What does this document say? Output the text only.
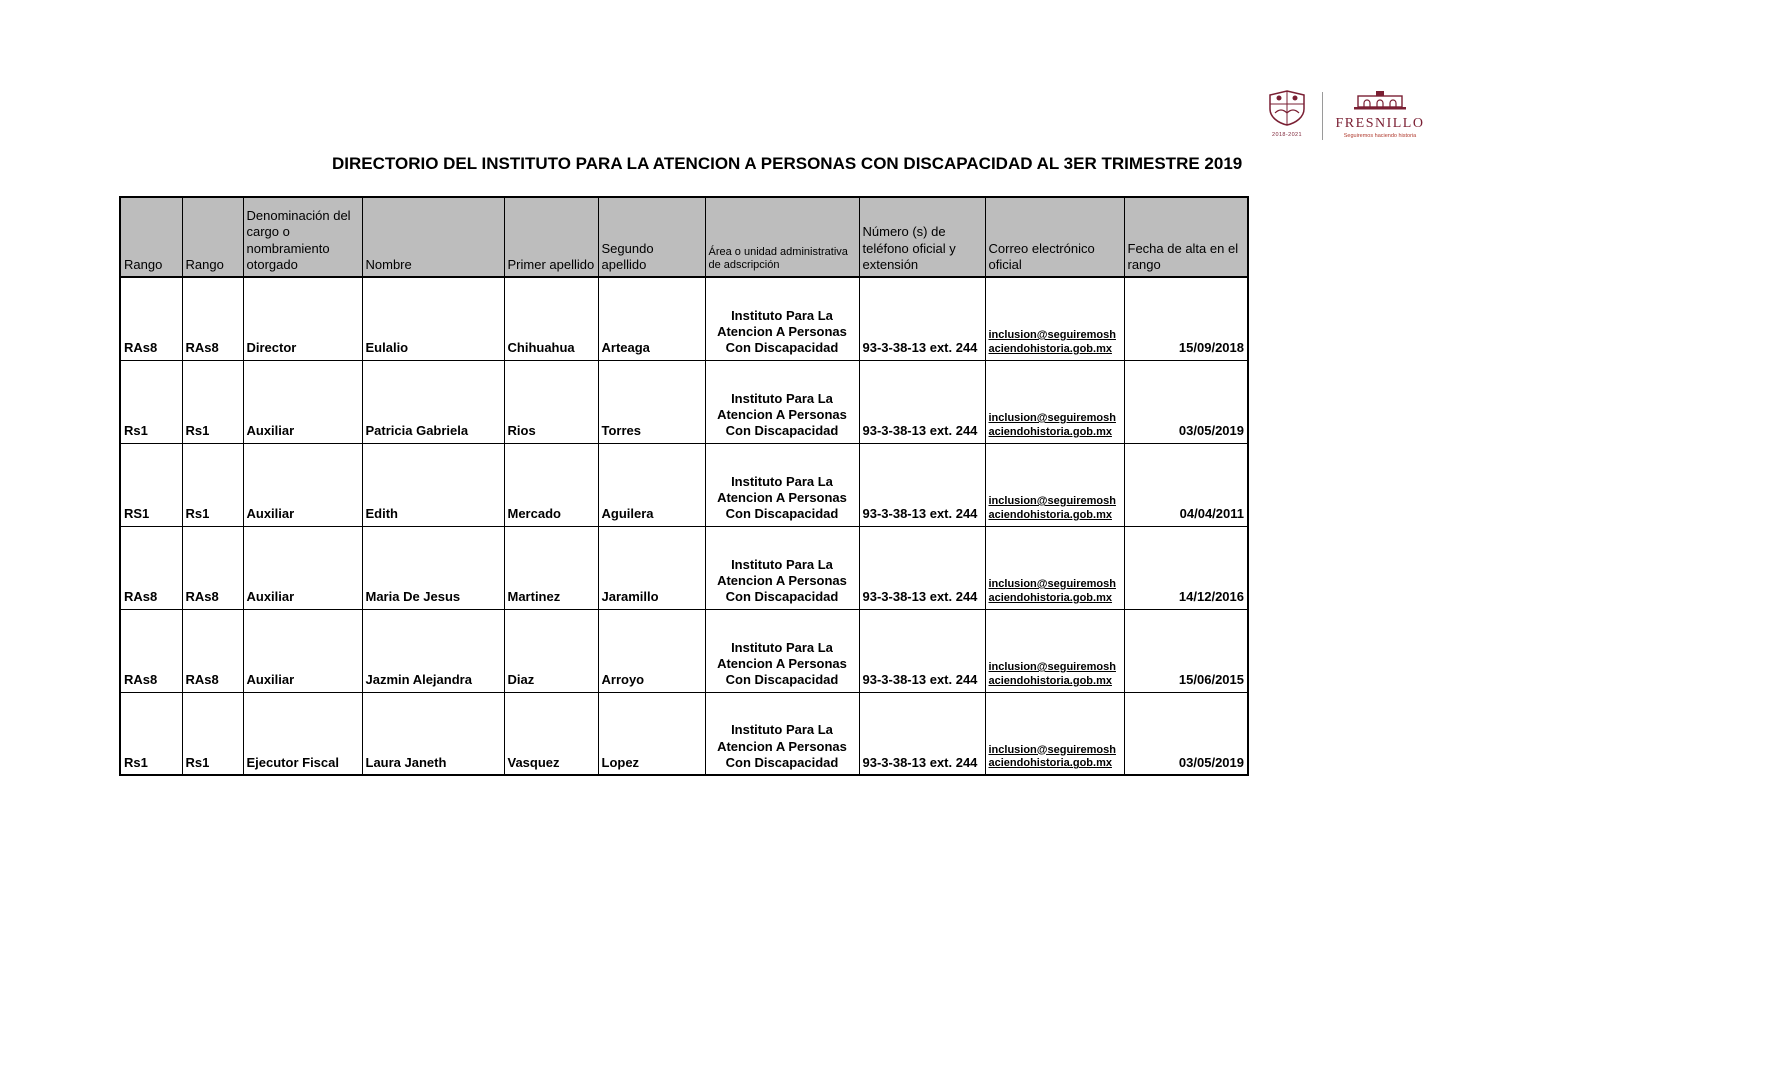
2018-2021
FRESNILLO
Seguiremos haciendo historia
DIRECTORIO DEL INSTITUTO PARA LA ATENCION A PERSONAS CON DISCAPACIDAD AL 3ER TRIMESTRE 2019
Rango	Rango	Denominación del cargo o nombramiento otorgado	Nombre	Primer apellido	Segundo apellido	Área o unidad administrativa de adscripción	Número (s) de teléfono oficial y extensión	Correo electrónico oficial	Fecha de alta en el rango
RAs8	RAs8	Director	Eulalio	Chihuahua	Arteaga	Instituto Para La Atencion A Personas Con Discapacidad	93-3-38-13 ext. 244	inclusion@seguiremoshaciendohistoria.gob.mx	15/09/2018
Rs1	Rs1	Auxiliar	Patricia Gabriela	Rios	Torres	Instituto Para La Atencion A Personas Con Discapacidad	93-3-38-13 ext. 244	inclusion@seguiremoshaciendohistoria.gob.mx	03/05/2019
RS1	Rs1	Auxiliar	Edith	Mercado	Aguilera	Instituto Para La Atencion A Personas Con Discapacidad	93-3-38-13 ext. 244	inclusion@seguiremoshaciendohistoria.gob.mx	04/04/2011
RAs8	RAs8	Auxiliar	Maria De Jesus	Martinez	Jaramillo	Instituto Para La Atencion A Personas Con Discapacidad	93-3-38-13 ext. 244	inclusion@seguiremoshaciendohistoria.gob.mx	14/12/2016
RAs8	RAs8	Auxiliar	Jazmin Alejandra	Diaz	Arroyo	Instituto Para La Atencion A Personas Con Discapacidad	93-3-38-13 ext. 244	inclusion@seguiremoshaciendohistoria.gob.mx	15/06/2015
Rs1	Rs1	Ejecutor Fiscal	Laura Janeth	Vasquez	Lopez	Instituto Para La Atencion A Personas Con Discapacidad	93-3-38-13 ext. 244	inclusion@seguiremoshaciendohistoria.gob.mx	03/05/2019
